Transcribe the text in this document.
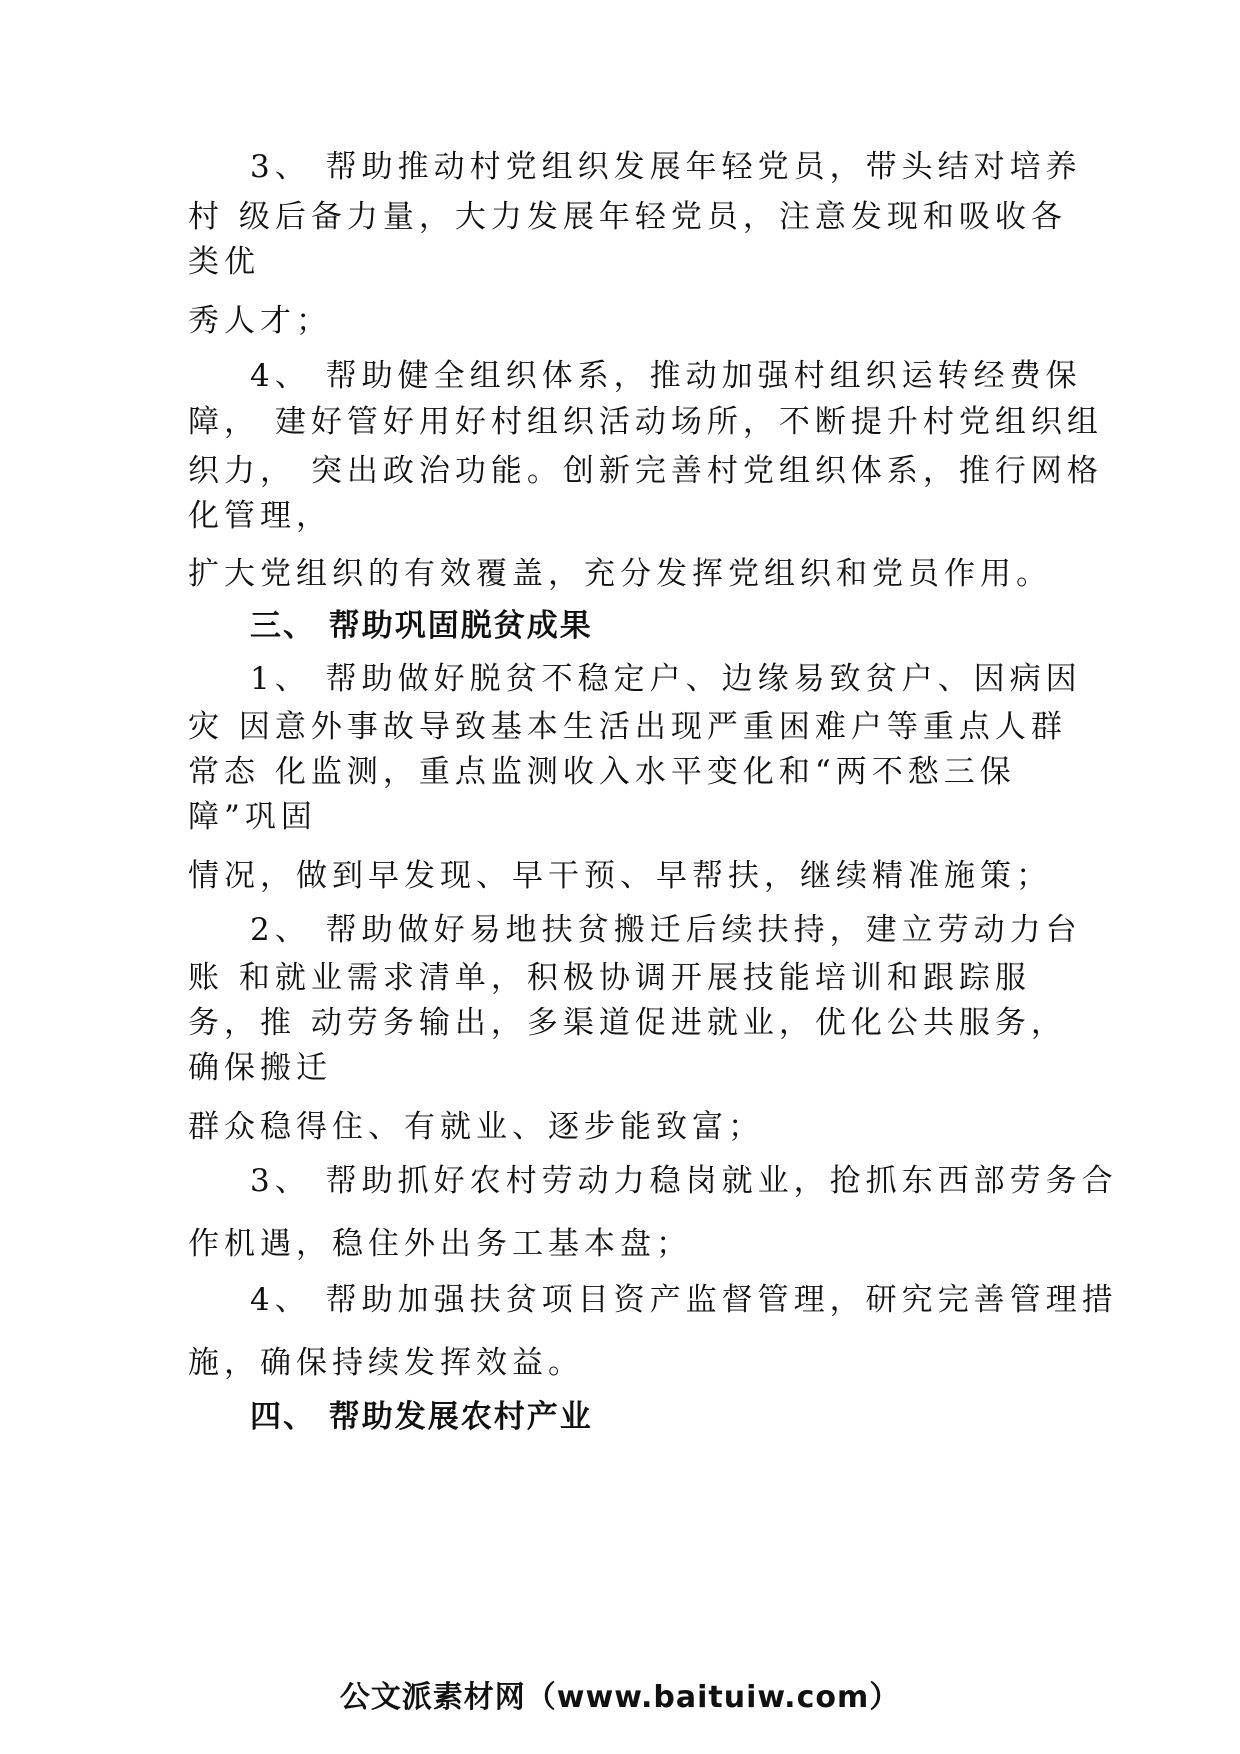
3、 帮助推动村党组织发展年轻党员，带头结对培养

村 级后备力量，大力发展年轻党员，注意发现和吸收各

类优

秀人才；

4、 帮助健全组织体系，推动加强村组织运转经费保

障， 建好管好用好村组织活动场所，不断提升村党组织组

织力， 突出政治功能。创新完善村党组织体系，推行网格

化管理，

扩大党组织的有效覆盖，充分发挥党组织和党员作用。

三、 帮助巩固脱贫成果

1、 帮助做好脱贫不稳定户、边缘易致贫户、因病因

灾 因意外事故导致基本生活出现严重困难户等重点人群

常态 化监测，重点监测收入水平变化和“两不愁三保

障”巩固

情况，做到早发现、早干预、早帮扶，继续精准施策；

2、 帮助做好易地扶贫搬迁后续扶持，建立劳动力台

账 和就业需求清单，积极协调开展技能培训和跟踪服

务，推 动劳务输出，多渠道促进就业，优化公共服务，

确保搬迁

群众稳得住、有就业、逐步能致富；

3、 帮助抓好农村劳动力稳岗就业，抢抓东西部劳务合

作机遇，稳住外出务工基本盘；

4、 帮助加强扶贫项目资产监督管理，研究完善管理措

施，确保持续发挥效益。

四、 帮助发展农村产业
公文派素材网（www.baituiw.com）
